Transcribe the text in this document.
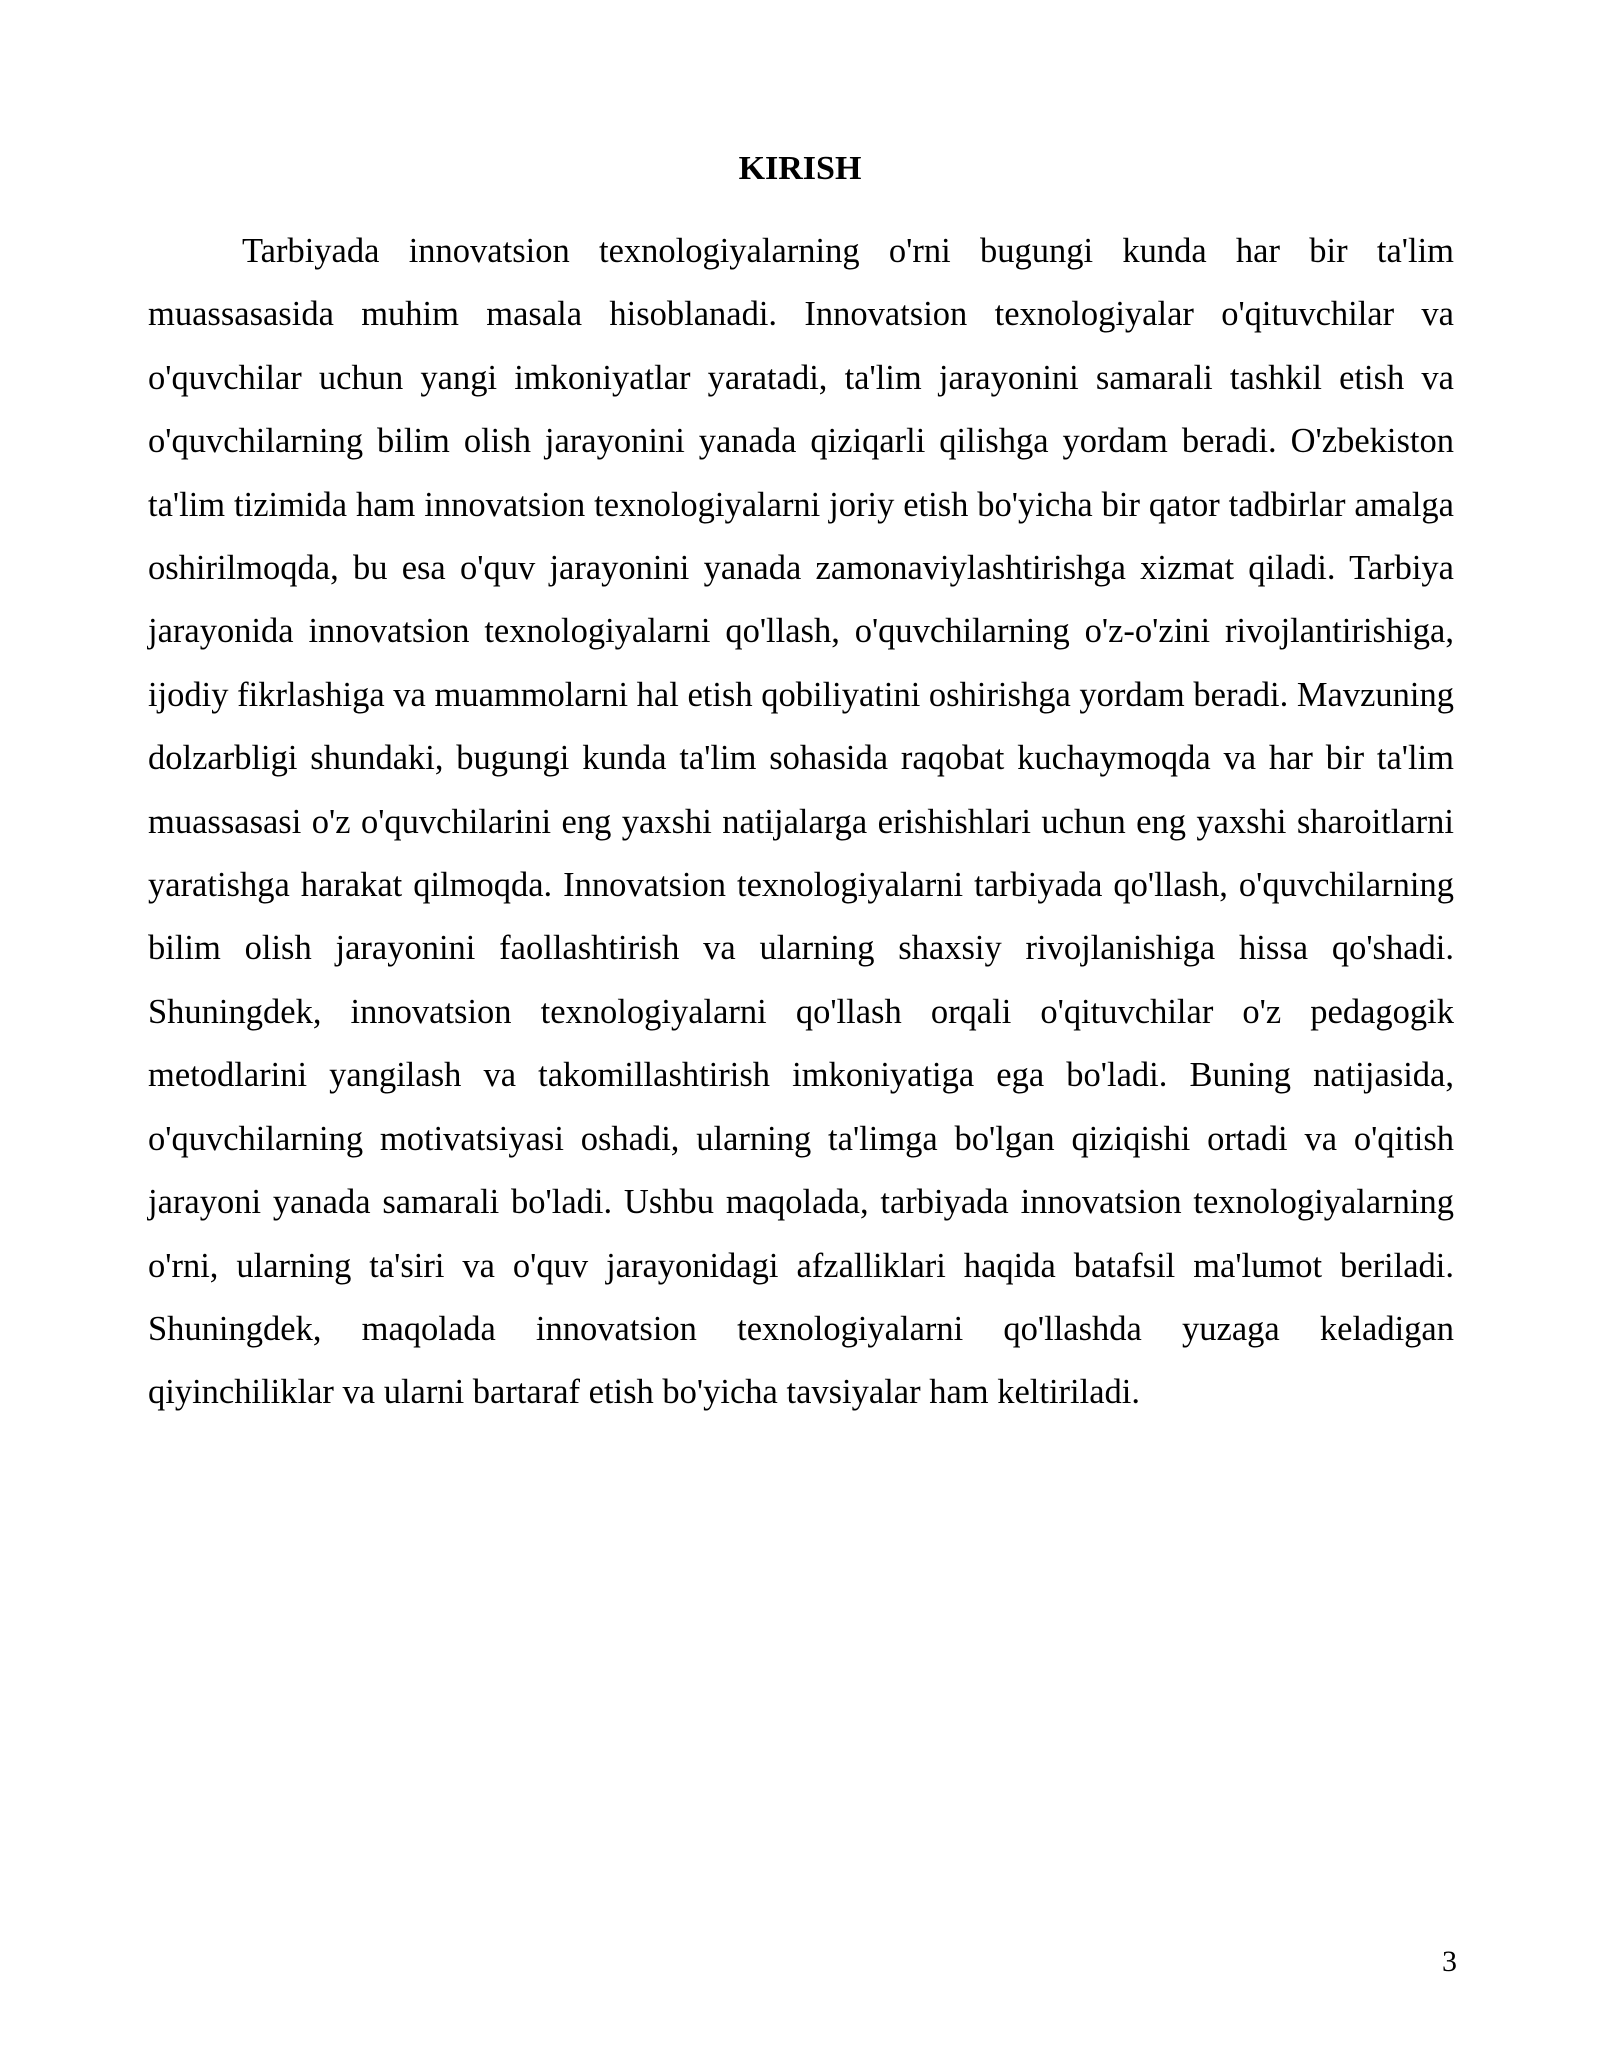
KIRISH

Tarbiyada innovatsion texnologiyalarning o'rni bugungi kunda har bir ta'lim muassasasida muhim masala hisoblanadi. Innovatsion texnologiyalar o'qituvchilar va o'quvchilar uchun yangi imkoniyatlar yaratadi, ta'lim jarayonini samarali tashkil etish va o'quvchilarning bilim olish jarayonini yanada qiziqarli qilishga yordam beradi. O'zbekiston ta'lim tizimida ham innovatsion texnologiyalarni joriy etish bo'yicha bir qator tadbirlar amalga oshirilmoqda, bu esa o'quv jarayonini yanada zamonaviylashtirishga xizmat qiladi. Tarbiya jarayonida innovatsion texnologiyalarni qo'llash, o'quvchilarning o'z-o'zini rivojlantirishiga, ijodiy fikrlashiga va muammolarni hal etish qobiliyatini oshirishga yordam beradi. Mavzuning dolzarbligi shundaki, bugungi kunda ta'lim sohasida raqobat kuchaymoqda va har bir ta'lim muassasasi o'z o'quvchilarini eng yaxshi natijalarga erishishlari uchun eng yaxshi sharoitlarni yaratishga harakat qilmoqda. Innovatsion texnologiyalarni tarbiyada qo'llash, o'quvchilarning bilim olish jarayonini faollashtirish va ularning shaxsiy rivojlanishiga hissa qo'shadi. Shuningdek, innovatsion texnologiyalarni qo'llash orqali o'qituvchilar o'z pedagogik metodlarini yangilash va takomillashtirish imkoniyatiga ega bo'ladi. Buning natijasida, o'quvchilarning motivatsiyasi oshadi, ularning ta'limga bo'lgan qiziqishi ortadi va o'qitish jarayoni yanada samarali bo'ladi. Ushbu maqolada, tarbiyada innovatsion texnologiyalarning o'rni, ularning ta'siri va o'quv jarayonidagi afzalliklari haqida batafsil ma'lumot beriladi. Shuningdek, maqolada innovatsion texnologiyalarni qo'llashda yuzaga keladigan qiyinchiliklar va ularni bartaraf etish bo'yicha tavsiyalar ham keltiriladi.

3
